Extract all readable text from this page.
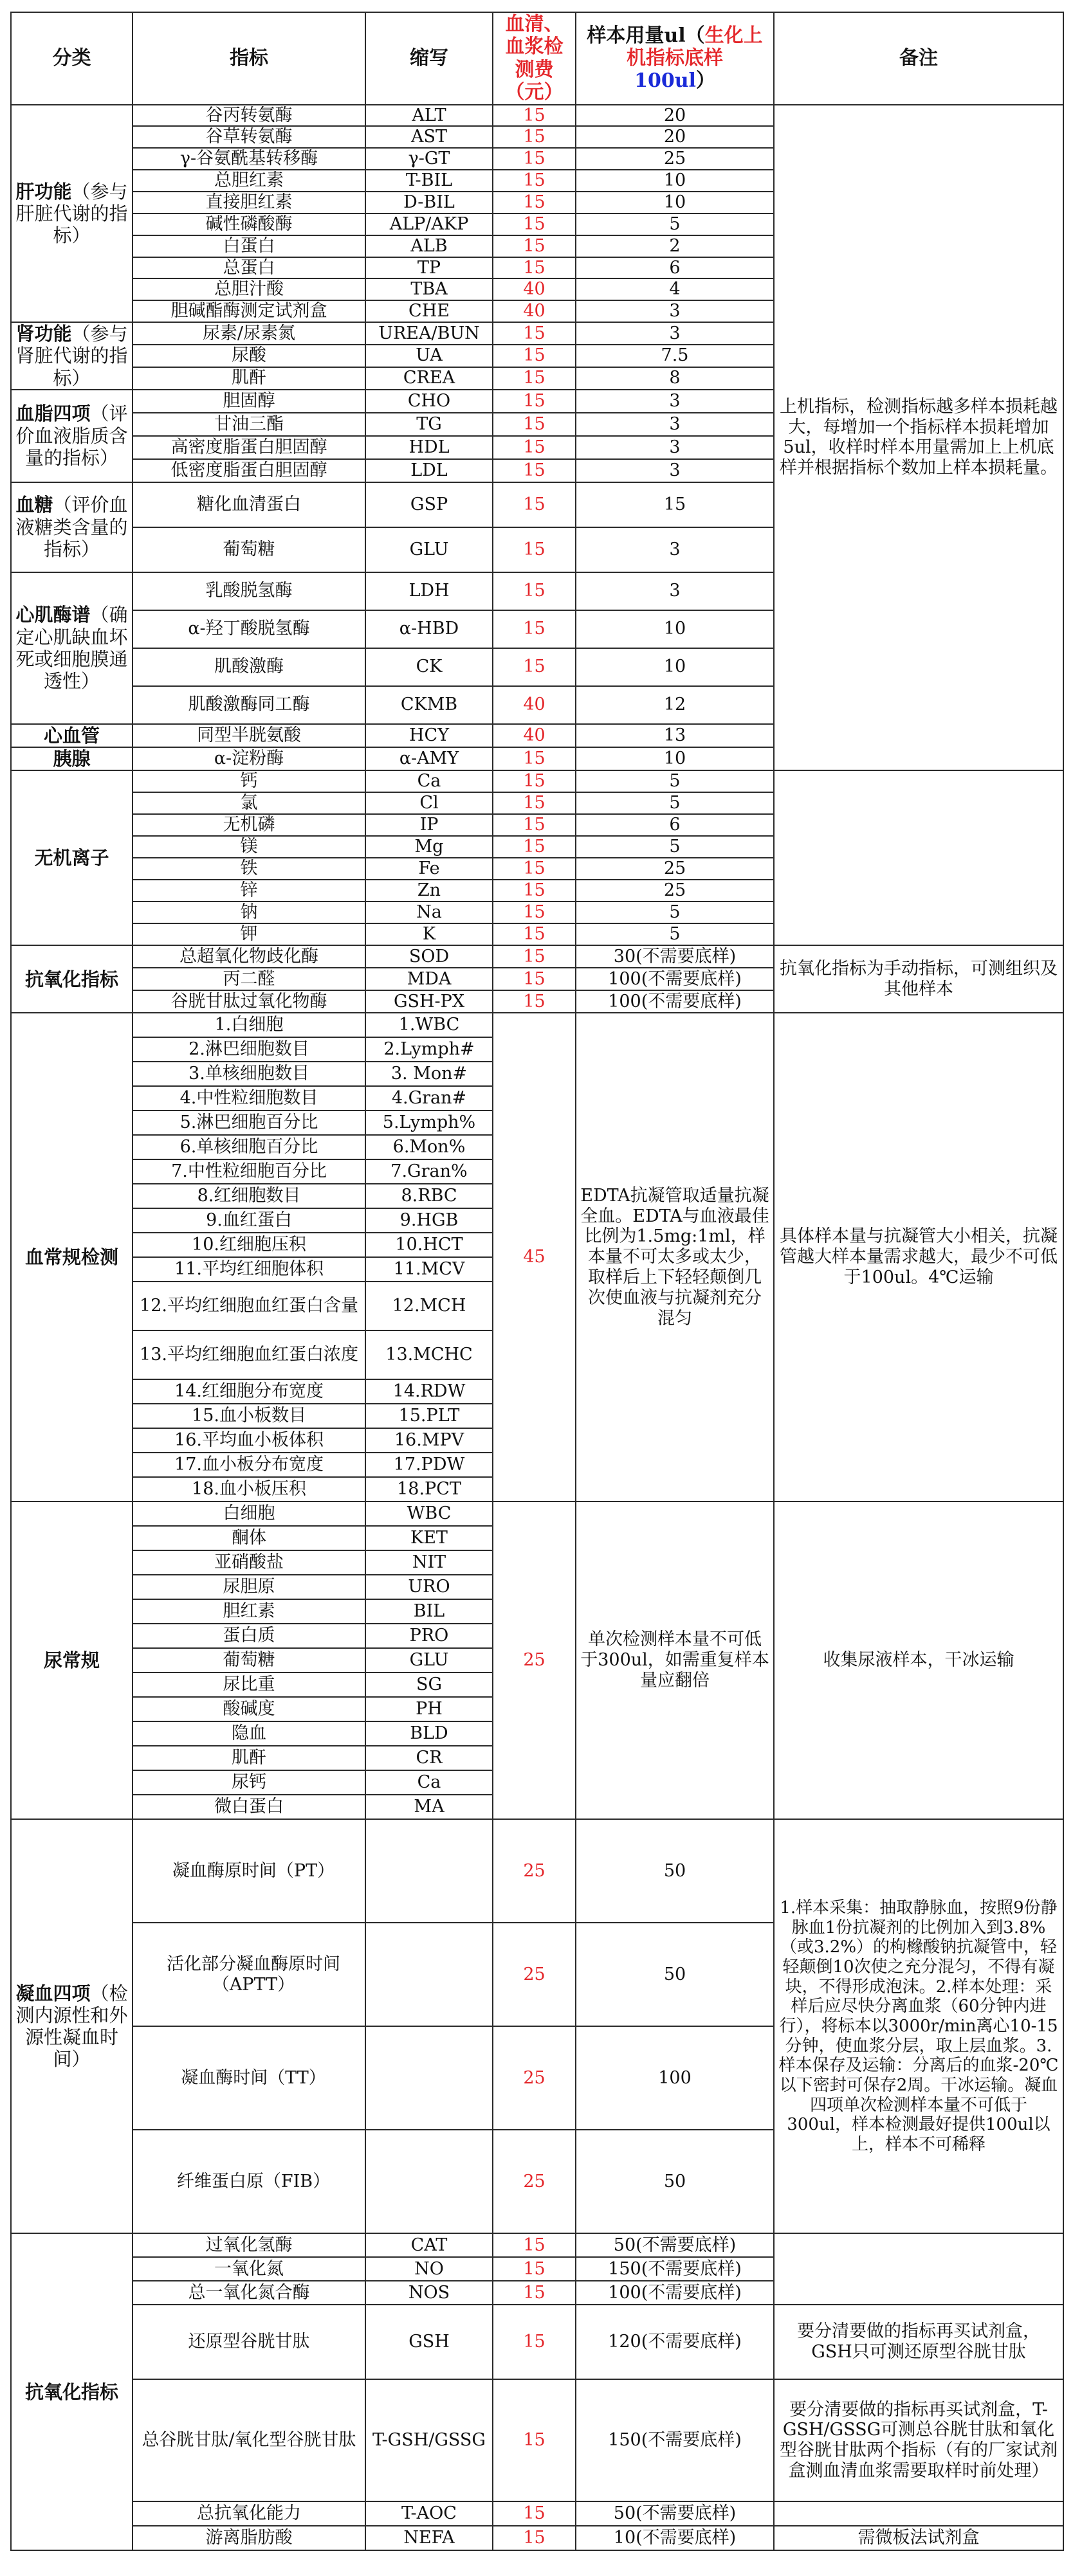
分类	指标	缩写	血清、血浆检测费（元）	样本用量ul（生化上机指标底样
100ul）	备注
肝功能（参与肝脏代谢的指标）	谷丙转氨酶	ALT	15	20	上机指标，检测指标越多样本损耗越大，每增加一个指标样本损耗增加5ul，收样时样本用量需加上上机底样并根据指标个数加上样本损耗量。
	谷草转氨酶	AST	15	20	
	γ-谷氨酰基转移酶	γ-GT	15	25	
	总胆红素	T-BIL	15	10	
	直接胆红素	D-BIL	15	10	
	碱性磷酸酶	ALP/AKP	15	5	
	白蛋白	ALB	15	2	
	总蛋白	TP	15	6	
	总胆汁酸	TBA	40	4	
	胆碱酯酶测定试剂盒	CHE	40	3	
肾功能（参与肾脏代谢的指标）	尿素/尿素氮	UREA/BUN	15	3	
	尿酸	UA	15	7.5	
	肌酐	CREA	15	8	
血脂四项（评价血液脂质含量的指标）	胆固醇	CHO	15	3	
	甘油三酯	TG	15	3	
	高密度脂蛋白胆固醇	HDL	15	3	
	低密度脂蛋白胆固醇	LDL	15	3	
血糖（评价血液糖类含量的指标）	糖化血清蛋白	GSP	15	15	
	葡萄糖	GLU	15	3	
心肌酶谱（确定心肌缺血坏死或细胞膜通透性）	乳酸脱氢酶	LDH	15	3	
	α-羟丁酸脱氢酶	α-HBD	15	10	
	肌酸激酶	CK	15	10	
	肌酸激酶同工酶	CKMB	40	12	
心血管	同型半胱氨酸	HCY	40	13	
胰腺	α-淀粉酶	α-AMY	15	10	
无机离子	钙	Ca	15	5	
	氯	Cl	15	5	
	无机磷	IP	15	6	
	镁	Mg	15	5	
	铁	Fe	15	25	
	锌	Zn	15	25	
	钠	Na	15	5	
	钾	K	15	5	
抗氧化指标	总超氧化物歧化酶	SOD	15	30(不需要底样)	抗氧化指标为手动指标，可测组织及其他样本
	丙二醛	MDA	15	100(不需要底样)	
	谷胱甘肽过氧化物酶	GSH-PX	15	100(不需要底样)	
血常规检测	1.白细胞	1.WBC	45	EDTA抗凝管取适量抗凝全血。EDTA与血液最佳比例为1.5mg:1ml，样本量不可太多或太少，取样后上下轻轻颠倒几次使血液与抗凝剂充分混匀	具体样本量与抗凝管大小相关，抗凝管越大样本量需求越大，最少不可低于100ul。4℃运输
	2.淋巴细胞数目	2.Lymph#			
	3.单核细胞数目	3. Mon#			
	4.中性粒细胞数目	4.Gran#			
	5.淋巴细胞百分比	5.Lymph%			
	6.单核细胞百分比	6.Mon%			
	7.中性粒细胞百分比	7.Gran%			
	8.红细胞数目	8.RBC			
	9.血红蛋白	9.HGB			
	10.红细胞压积	10.HCT			
	11.平均红细胞体积	11.MCV			
	12.平均红细胞血红蛋白含量	12.MCH			
	13.平均红细胞血红蛋白浓度	13.MCHC			
	14.红细胞分布宽度	14.RDW			
	15.血小板数目	15.PLT			
	16.平均血小板体积	16.MPV			
	17.血小板分布宽度	17.PDW			
	18.血小板压积	18.PCT			
尿常规	白细胞	WBC	25	单次检测样本量不可低于300ul，如需重复样本量应翻倍	收集尿液样本，干冰运输
	酮体	KET			
	亚硝酸盐	NIT			
	尿胆原	URO			
	胆红素	BIL			
	蛋白质	PRO			
	葡萄糖	GLU			
	尿比重	SG			
	酸碱度	PH			
	隐血	BLD			
	肌酐	CR			
	尿钙	Ca			
	微白蛋白	MA			
凝血四项（检测内源性和外源性凝血时间）	凝血酶原时间（PT）		25	50	1.样本采集：抽取静脉血，按照9份静脉血1份抗凝剂的比例加入到3.8%（或3.2%）的枸橼酸钠抗凝管中，轻轻颠倒10次使之充分混匀，不得有凝块，不得形成泡沫。2.样本处理：采样后应尽快分离血浆（60分钟内进行），将标本以3000r/min离心10-15分钟，使血浆分层，取上层血浆。3.样本保存及运输：分离后的血浆-20℃以下密封可保存2周。干冰运输。凝血四项单次检测样本量不可低于300ul，样本检测最好提供100ul以上，样本不可稀释
	活化部分凝血酶原时间（APTT）		25	50	
	凝血酶时间（TT）		25	100	
	纤维蛋白原（FIB）		25	50	
抗氧化指标	过氧化氢酶	CAT	15	50(不需要底样)	
	一氧化氮	NO	15	150(不需要底样)	
	总一氧化氮合酶	NOS	15	100(不需要底样)	
	还原型谷胱甘肽	GSH	15	120(不需要底样)	要分清要做的指标再买试剂盒，GSH只可测还原型谷胱甘肽
	总谷胱甘肽/氧化型谷胱甘肽	T-GSH/GSSG	15	150(不需要底样)	要分清要做的指标再买试剂盒，T-GSH/GSSG可测总谷胱甘肽和氧化型谷胱甘肽两个指标（有的厂家试剂盒测血清血浆需要取样时前处理）
	总抗氧化能力	T-AOC	15	50(不需要底样)	
	游离脂肪酸	NEFA	15	10(不需要底样)	需微板法试剂盒
